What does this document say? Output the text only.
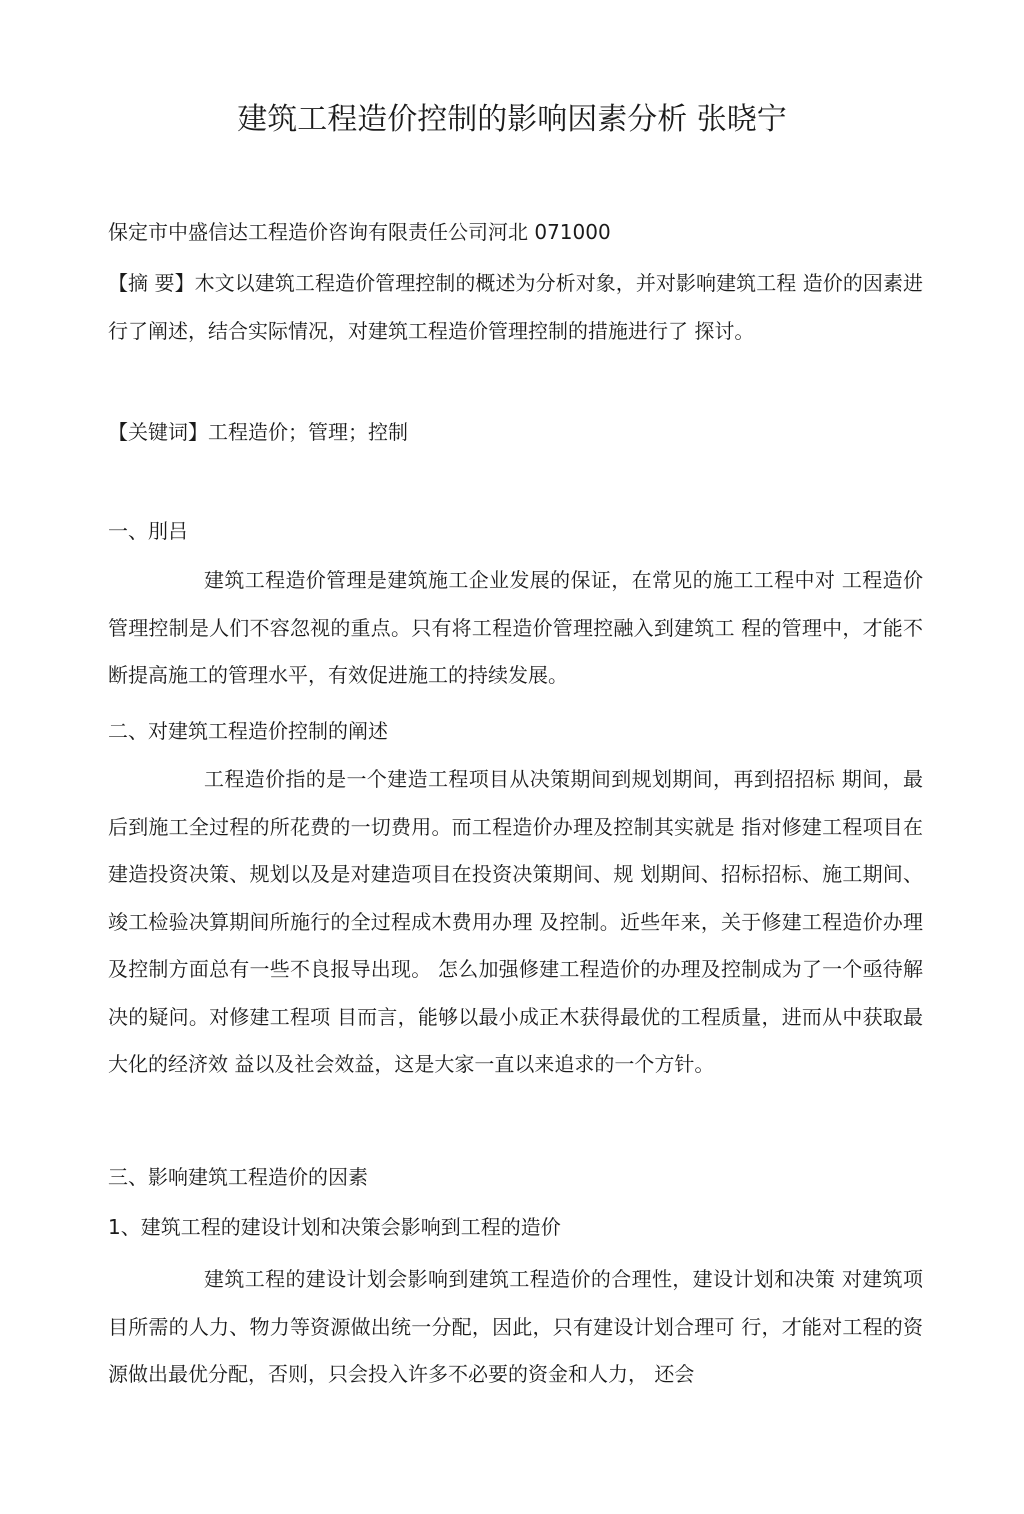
建筑工程造价控制的影响因素分析 张晓宁
保定市中盛信达工程造价咨询有限责任公司河北 071000

【摘 要】木文以建筑工程造价管理控制的概述为分析对象，并对影响建筑工程 造价的因素进行了阐述，结合实际情况，对建筑工程造价管理控制的措施进行了 探讨。

【关键词】工程造价；管理；控制
一、刖吕

建筑工程造价管理是建筑施工企业发展的保证，在常见的施工工程中对 工程造价管理控制是人们不容忽视的重点。只有将工程造价管理控融入到建筑工 程的管理中，才能不断提高施工的管理水平，有效促进施工的持续发展。

二、对建筑工程造价控制的阐述

工程造价指的是一个建造工程项目从决策期间到规划期间，再到招招标 期间，最后到施工全过程的所花费的一切费用。而工程造价办理及控制其实就是 指对修建工程项目在建造投资决策、规划以及是对建造项目在投资决策期间、规 划期间、招标招标、施工期间、竣工检验决算期间所施行的全过程成木费用办理 及控制。近些年来，关于修建工程造价办理及控制方面总有一些不良报导出现。 怎么加强修建工程造价的办理及控制成为了一个亟待解决的疑问。对修建工程项 目而言，能够以最小成正木获得最优的工程质量，进而从中获取最大化的经济效 益以及社会效益，这是大家一直以来追求的一个方针。

三、影响建筑工程造价的因素
1、建筑工程的建设计划和决策会影响到工程的造价

建筑工程的建设计划会影响到建筑工程造价的合理性，建设计划和决策 对建筑项目所需的人力、物力等资源做出统一分配，因此，只有建设计划合理可 行，才能对工程的资源做出最优分配，否则，只会投入许多不必要的资金和人力， 还会
